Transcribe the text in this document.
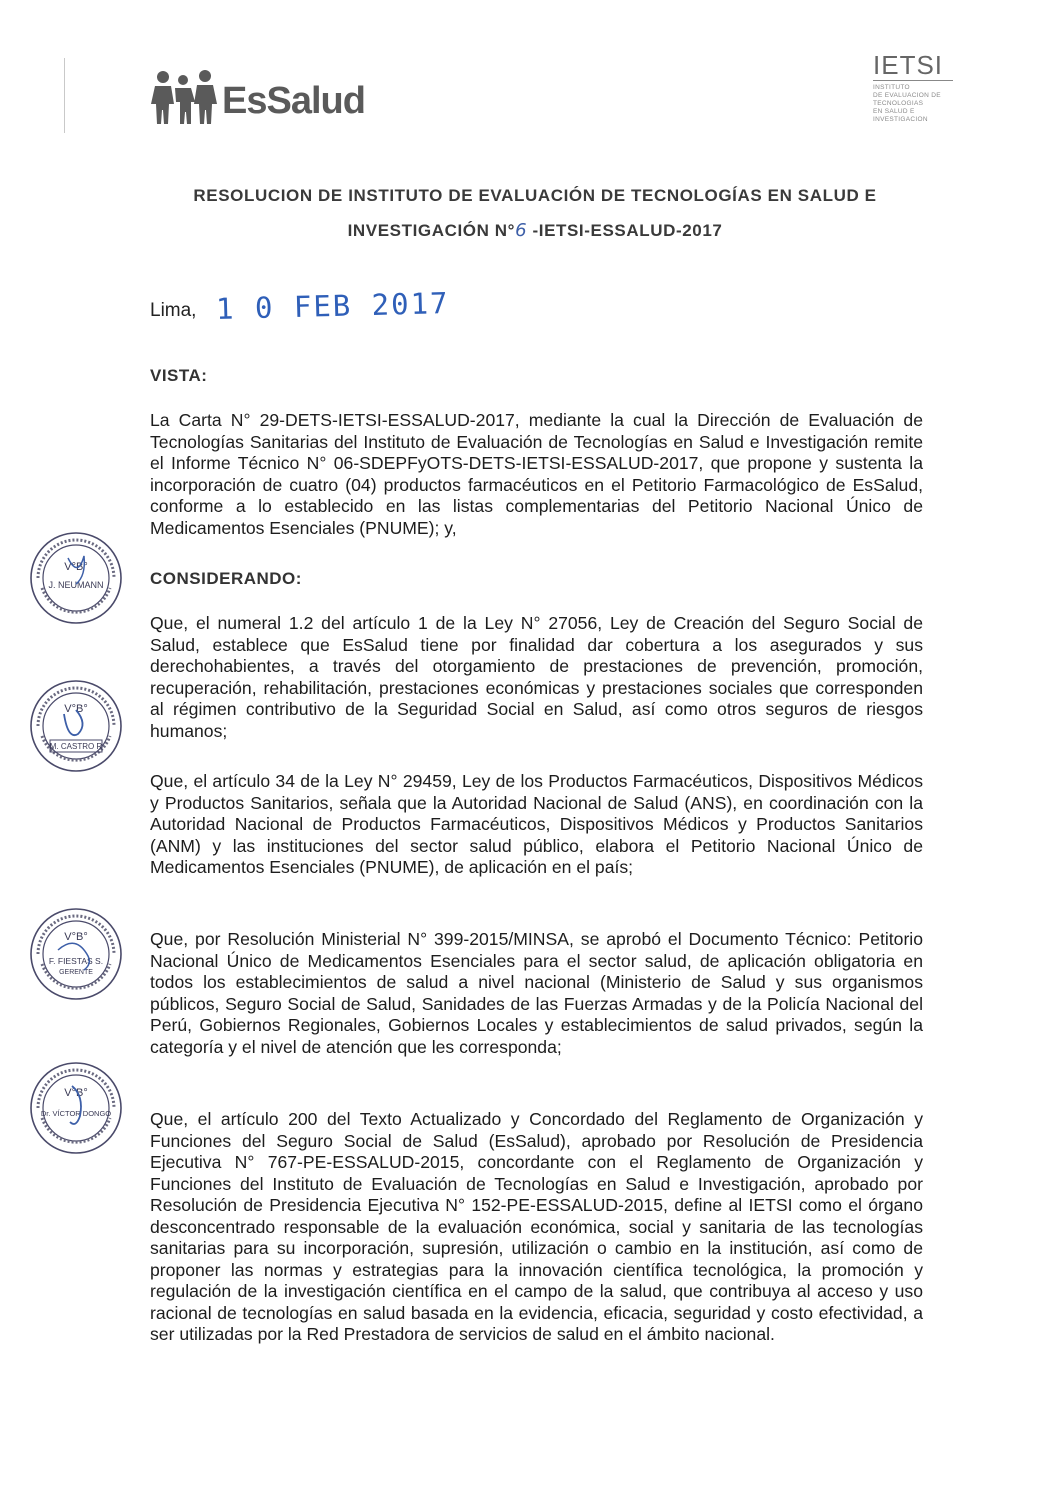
EsSalud
IETSI
INSTITUTO
DE EVALUACION DE
TECNOLOGIAS
EN SALUD E
INVESTIGACION
RESOLUCION DE INSTITUTO DE EVALUACIÓN DE TECNOLOGÍAS EN SALUD E
INVESTIGACIÓN N°6 -IETSI-ESSALUD-2017
Lima, 1 0 FEB 2017
VISTA:

La Carta N° 29-DETS-IETSI-ESSALUD-2017, mediante la cual la Dirección de Evaluación de Tecnologías Sanitarias del Instituto de Evaluación de Tecnologías en Salud e Investigación remite el Informe Técnico N° 06-SDEPFyOTS-DETS-IETSI-ESSALUD-2017, que propone y sustenta la incorporación de cuatro (04) productos farmacéuticos en el Petitorio Farmacológico de EsSalud, conforme a lo establecido en las listas complementarias del Petitorio Nacional Único de Medicamentos Esenciales (PNUME); y,

CONSIDERANDO:

Que, el numeral 1.2 del artículo 1 de la Ley N° 27056, Ley de Creación del Seguro Social de Salud, establece que EsSalud tiene por finalidad dar cobertura a los asegurados y sus derechohabientes, a través del otorgamiento de prestaciones de prevención, promoción, recuperación, rehabilitación, prestaciones económicas y prestaciones sociales que corresponden al régimen contributivo de la Seguridad Social en Salud, así como otros seguros de riesgos humanos;

Que, el artículo 34 de la Ley N° 29459, Ley de los Productos Farmacéuticos, Dispositivos Médicos y Productos Sanitarios, señala que la Autoridad Nacional de Salud (ANS), en coordinación con la Autoridad Nacional de Productos Farmacéuticos, Dispositivos Médicos y Productos Sanitarios (ANM) y las instituciones del sector salud público, elabora el Petitorio Nacional Único de Medicamentos Esenciales (PNUME), de aplicación en el país;

Que, por Resolución Ministerial N° 399-2015/MINSA, se aprobó el Documento Técnico: Petitorio Nacional Único de Medicamentos Esenciales para el sector salud, de aplicación obligatoria en todos los establecimientos de salud a nivel nacional (Ministerio de Salud y sus organismos públicos, Seguro Social de Salud, Sanidades de las Fuerzas Armadas y de la Policía Nacional del Perú, Gobiernos Regionales, Gobiernos Locales y establecimientos de salud privados, según la categoría y el nivel de atención que les corresponda;

Que, el artículo 200 del Texto Actualizado y Concordado del Reglamento de Organización y Funciones del Seguro Social de Salud (EsSalud), aprobado por Resolución de Presidencia Ejecutiva N° 767-PE-ESSALUD-2015, concordante con el Reglamento de Organización y Funciones del Instituto de Evaluación de Tecnologías en Salud e Investigación, aprobado por Resolución de Presidencia Ejecutiva N° 152-PE-ESSALUD-2015, define al IETSI como el órgano desconcentrado responsable de la evaluación económica, social y sanitaria de las tecnologías sanitarias para su incorporación, supresión, utilización o cambio en la institución, así como de proponer las normas y estrategias para la innovación científica tecnológica, la promoción y regulación de la investigación científica en el campo de la salud, que contribuya al acceso y uso racional de tecnologías en salud basada en la evidencia, eficacia, seguridad y costo efectividad, a ser utilizadas por la Red Prestadora de servicios de salud en el ámbito nacional.

V°B°
J. NEUMANN
V°B°
M. CASTRO R
V°B°
F. FIESTAS S.
GERENTE
V°B°
Dr. VÍCTOR DONGO
